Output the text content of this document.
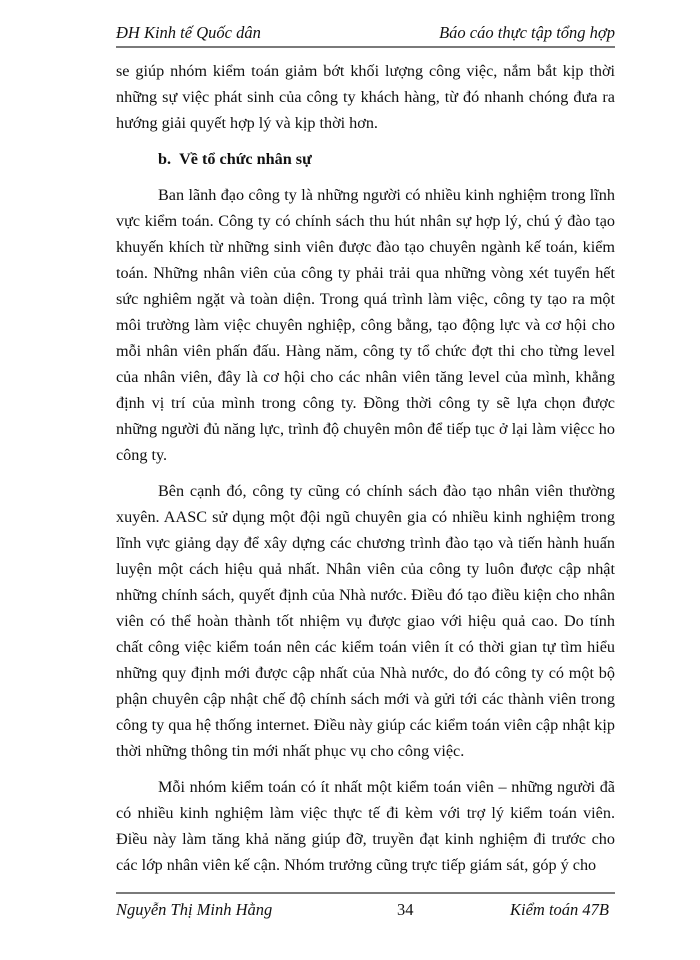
ĐH Kinh tế Quốc dân	Báo cáo thực tập tổng hợp

se giúp nhóm kiểm toán giảm bớt khối lượng công việc, nắm bắt kịp thời những sự việc phát sinh của công ty khách hàng, từ đó nhanh chóng đưa ra hướng giải quyết hợp lý và kịp thời hơn.

b. Về tổ chức nhân sự

Ban lãnh đạo công ty là những người có nhiều kinh nghiệm trong lĩnh vực kiểm toán. Công ty có chính sách thu hút nhân sự hợp lý, chú ý đào tạo khuyến khích từ những sinh viên được đào tạo chuyên ngành kế toán, kiểm toán. Những nhân viên của công ty phải trải qua những vòng xét tuyển hết sức nghiêm ngặt và toàn diện. Trong quá trình làm việc, công ty tạo ra một môi trường làm việc chuyên nghiệp, công bằng, tạo động lực và cơ hội cho mỗi nhân viên phấn đấu. Hàng năm, công ty tổ chức đợt thi cho từng level của nhân viên, đây là cơ hội cho các nhân viên tăng level của mình, khẳng định vị trí của mình trong công ty. Đồng thời công ty sẽ lựa chọn được những người đủ năng lực, trình độ chuyên môn để tiếp tục ở lại làm việcc ho công ty.

Bên cạnh đó, công ty cũng có chính sách đào tạo nhân viên thường xuyên. AASC sử dụng một đội ngũ chuyên gia có nhiều kinh nghiệm trong lĩnh vực giảng dạy để xây dựng các chương trình đào tạo và tiến hành huấn luyện một cách hiệu quả nhất. Nhân viên của công ty luôn được cập nhật những chính sách, quyết định của Nhà nước. Điều đó tạo điều kiện cho nhân viên có thể hoàn thành tốt nhiệm vụ được giao với hiệu quả cao. Do tính chất công việc kiểm toán nên các kiểm toán viên ít có thời gian tự tìm hiểu những quy định mới được cập nhất của Nhà nước, do đó công ty có một bộ phận chuyên cập nhật chế độ chính sách mới và gửi tới các thành viên trong công ty qua hệ thống internet. Điều này giúp các kiểm toán viên cập nhật kịp thời những thông tin mới nhất phục vụ cho công việc.

Mỗi nhóm kiểm toán có ít nhất một kiểm toán viên – những người đã có nhiều kinh nghiệm làm việc thực tế đi kèm với trợ lý kiểm toán viên. Điều này làm tăng khả năng giúp đỡ, truyền đạt kinh nghiệm đi trước cho các lớp nhân viên kế cận. Nhóm trưởng cũng trực tiếp giám sát, góp ý cho

Nguyễn Thị Minh Hằng	34	Kiểm toán 47B
